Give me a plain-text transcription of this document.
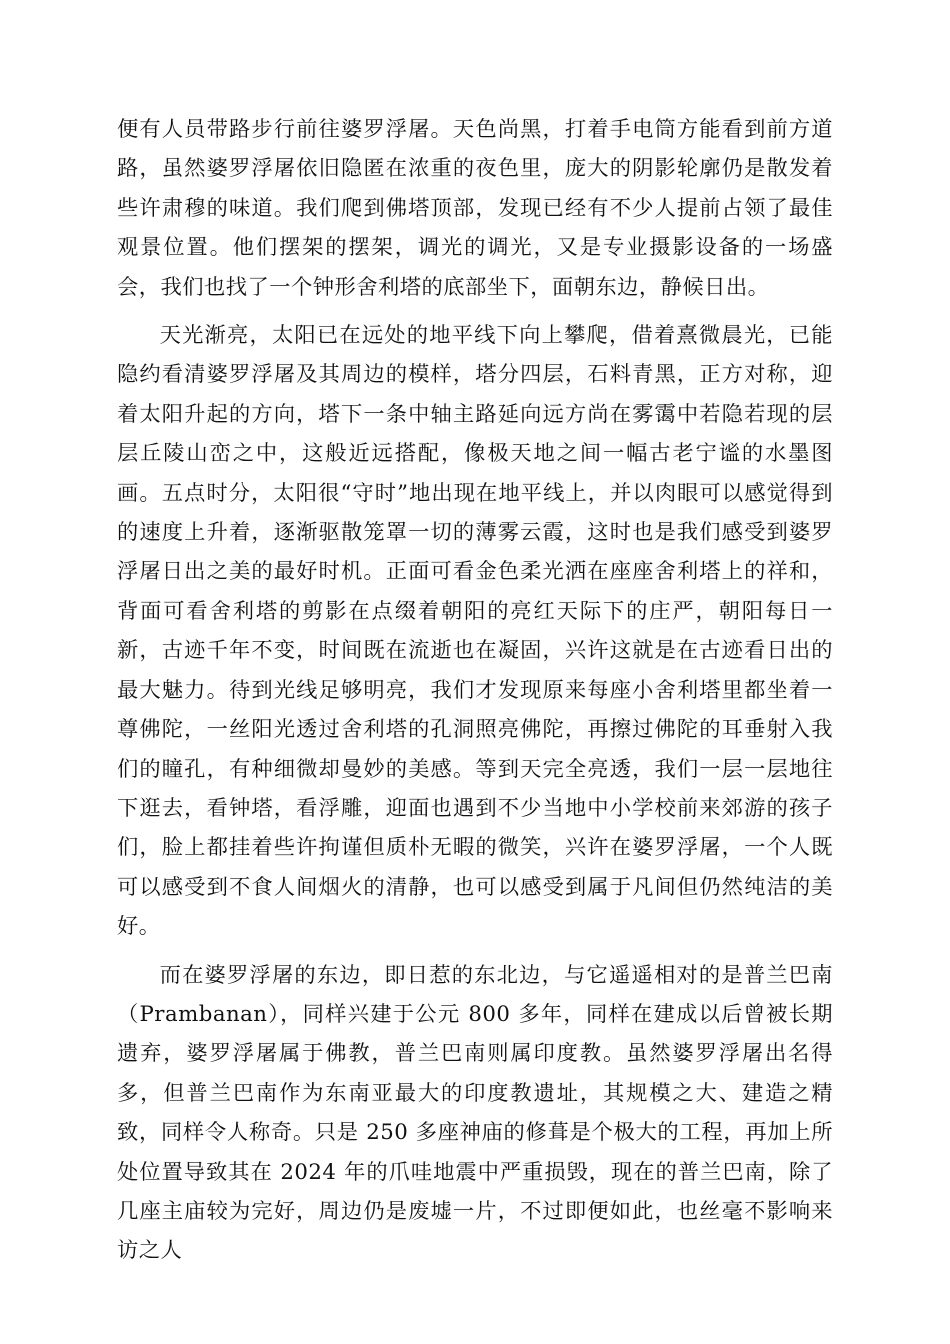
便有人员带路步行前往婆罗浮屠。天色尚黑，打着手电筒方能看到前方道路，虽然婆罗浮屠依旧隐匿在浓重的夜色里，庞大的阴影轮廓仍是散发着些许肃穆的味道。我们爬到佛塔顶部，发现已经有不少人提前占领了最佳观景位置。他们摆架的摆架，调光的调光，又是专业摄影设备的一场盛会，我们也找了一个钟形舍利塔的底部坐下，面朝东边，静候日出。

天光渐亮，太阳已在远处的地平线下向上攀爬，借着熹微晨光，已能隐约看清婆罗浮屠及其周边的模样，塔分四层，石料青黑，正方对称，迎着太阳升起的方向，塔下一条中轴主路延向远方尚在雾霭中若隐若现的层层丘陵山峦之中，这般近远搭配，像极天地之间一幅古老宁谧的水墨图画。五点时分，太阳很“守时”地出现在地平线上，并以肉眼可以感觉得到的速度上升着，逐渐驱散笼罩一切的薄雾云霞，这时也是我们感受到婆罗浮屠日出之美的最好时机。正面可看金色柔光洒在座座舍利塔上的祥和，背面可看舍利塔的剪影在点缀着朝阳的亮红天际下的庄严，朝阳每日一新，古迹千年不变，时间既在流逝也在凝固，兴许这就是在古迹看日出的最大魅力。待到光线足够明亮，我们才发现原来每座小舍利塔里都坐着一尊佛陀，一丝阳光透过舍利塔的孔洞照亮佛陀，再擦过佛陀的耳垂射入我们的瞳孔，有种细微却曼妙的美感。等到天完全亮透，我们一层一层地往下逛去，看钟塔，看浮雕，迎面也遇到不少当地中小学校前来郊游的孩子们，脸上都挂着些许拘谨但质朴无暇的微笑，兴许在婆罗浮屠，一个人既可以感受到不食人间烟火的清静，也可以感受到属于凡间但仍然纯洁的美好。

而在婆罗浮屠的东边，即日惹的东北边，与它遥遥相对的是普兰巴南（Prambanan），同样兴建于公元 800 多年，同样在建成以后曾被长期遗弃，婆罗浮屠属于佛教，普兰巴南则属印度教。虽然婆罗浮屠出名得多，但普兰巴南作为东南亚最大的印度教遗址，其规模之大、建造之精致，同样令人称奇。只是 250 多座神庙的修葺是个极大的工程，再加上所处位置导致其在 2024 年的爪哇地震中严重损毁，现在的普兰巴南，除了几座主庙较为完好，周边仍是废墟一片，不过即便如此，也丝毫不影响来访之人
